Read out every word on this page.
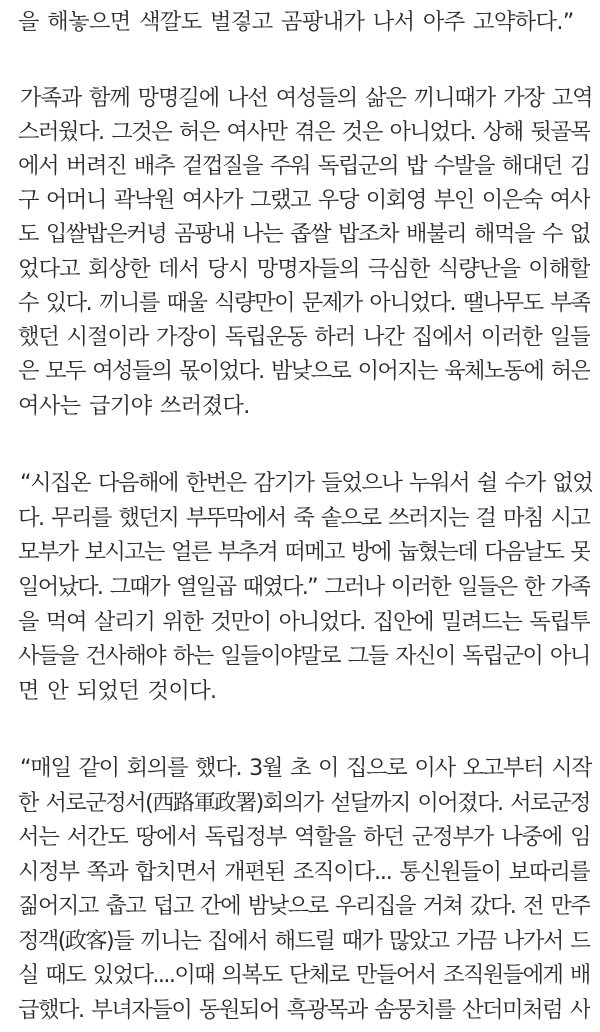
을 해놓으면 색깔도 벌겋고 곰팡내가 나서 아주 고약하다.”
가족과 함께 망명길에 나선 여성들의 삶은 끼니때가 가장 고역
스러웠다. 그것은 허은 여사만 겪은 것은 아니었다. 상해 뒷골목
에서 버려진 배추 겉껍질을 주워 독립군의 밥 수발을 해대던 김
구 어머니 곽낙원 여사가 그랬고 우당 이회영 부인 이은숙 여사
도 입쌀밥은커녕 곰팡내 나는 좁쌀 밥조차 배불리 해먹을 수 없
었다고 회상한 데서 당시 망명자들의 극심한 식량난을 이해할
수 있다. 끼니를 때울 식량만이 문제가 아니었다. 땔나무도 부족
했던 시절이라 가장이 독립운동 하러 나간 집에서 이러한 일들
은 모두 여성들의 몫이었다. 밤낮으로 이어지는 육체노동에 허은
여사는 급기야 쓰러졌다.
“시집온 다음해에 한번은 감기가 들었으나 누워서 쉴 수가 없었
다. 무리를 했던지 부뚜막에서 죽 솥으로 쓰러지는 걸 마침 시고
모부가 보시고는 얼른 부추겨 떠메고 방에 눕혔는데 다음날도 못
일어났다. 그때가 열일곱 때였다.” 그러나 이러한 일들은 한 가족
을 먹여 살리기 위한 것만이 아니었다. 집안에 밀려드는 독립투
사들을 건사해야 하는 일들이야말로 그들 자신이 독립군이 아니
면 안 되었던 것이다.
“매일 같이 회의를 했다. 3월 초 이 집으로 이사 오고부터 시작
한 서로군정서(西路軍政署)회의가 섣달까지 이어졌다. 서로군정
서는 서간도 땅에서 독립정부 역할을 하던 군정부가 나중에 임
시정부 쪽과 합치면서 개편된 조직이다... 통신원들이 보따리를
짊어지고 춥고 덥고 간에 밤낮으로 우리집을 거쳐 갔다. 전 만주
정객(政客)들 끼니는 집에서 해드릴 때가 많았고 가끔 나가서 드
실 때도 있었다....이때 의복도 단체로 만들어서 조직원들에게 배
급했다. 부녀자들이 동원되어 흑광목과 솜뭉치를 산더미처럼 사
